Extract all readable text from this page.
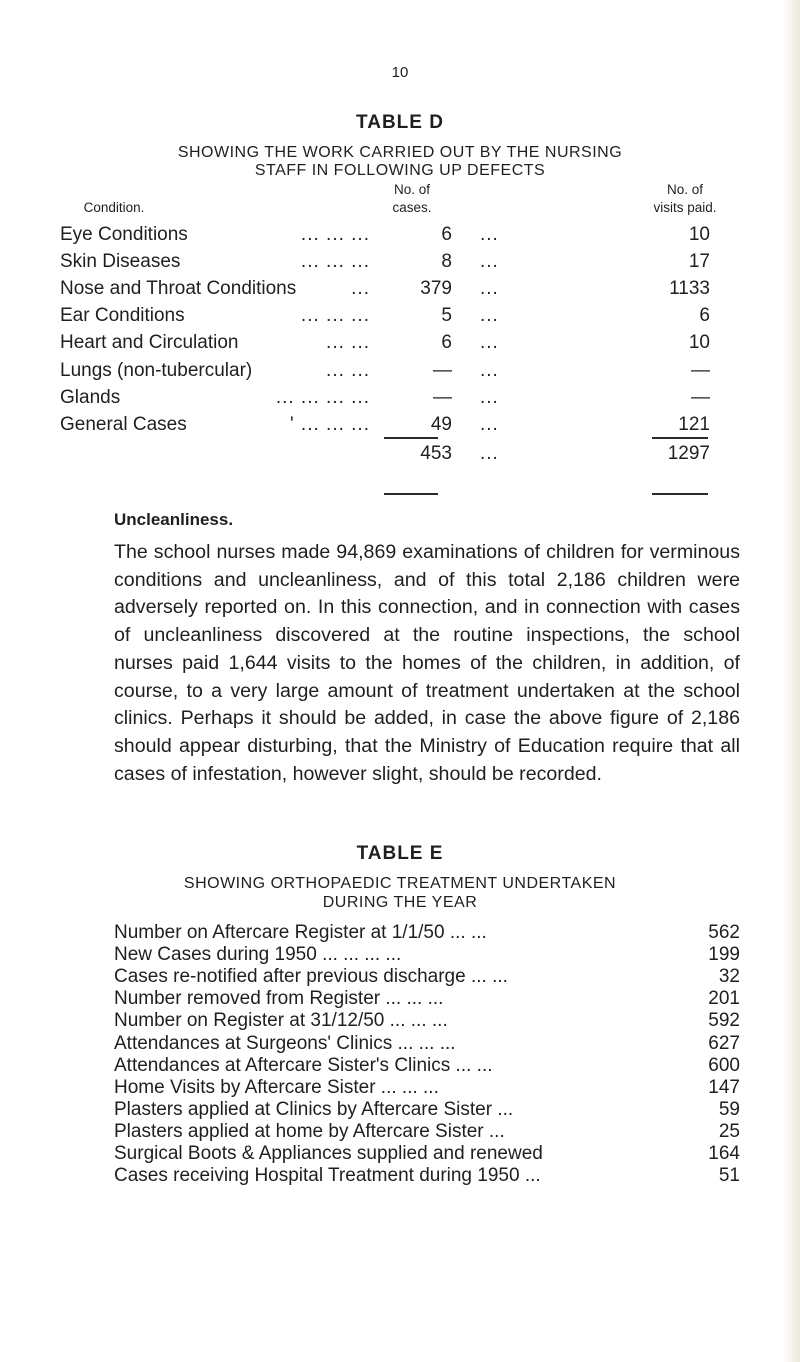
10
TABLE D
SHOWING THE WORK CARRIED OUT BY THE NURSING
STAFF IN FOLLOWING UP DEFECTS
Condition.
No. of
cases.
No. of
visits paid.
Eye Conditions	... ... ...	6 ...	10
Skin Diseases	... ... ...	8 ...	17
Nose and Throat Conditions	...	379 ...	1133
Ear Conditions	... ... ...	5 ...	6
Heart and Circulation	... ...	6 ...	10
Lungs (non-tubercular)	... ...	— ...	—
Glands	... ... ... ...	— ...	—
General Cases	' ... ... ...	49 ...	121
453 ...	1297
Uncleanliness.

The school nurses made 94,869 examinations of children for verminous conditions and uncleanliness, and of this total 2,186 children were adversely reported on. In this connection, and in connection with cases of uncleanliness discovered at the routine inspections, the school nurses paid 1,644 visits to the homes of the children, in addition, of course, to a very large amount of treatment undertaken at the school clinics. Perhaps it should be added, in case the above figure of 2,186 should appear disturbing, that the Ministry of Education require that all cases of infestation, however slight, should be recorded.

TABLE E
SHOWING ORTHOPAEDIC TREATMENT UNDERTAKEN
DURING THE YEAR
Number on Aftercare Register at 1/1/50 ... ...	562
New Cases during 1950 ... ... ... ...	199
Cases re-notified after previous discharge ... ...	32
Number removed from Register ... ... ...	201
Number on Register at 31/12/50 ... ... ...	592
Attendances at Surgeons' Clinics ... ... ...	627
Attendances at Aftercare Sister's Clinics ... ...	600
Home Visits by Aftercare Sister ... ... ...	147
Plasters applied at Clinics by Aftercare Sister ...	59
Plasters applied at home by Aftercare Sister ...	25
Surgical Boots & Appliances supplied and renewed	164
Cases receiving Hospital Treatment during 1950 ...	51
